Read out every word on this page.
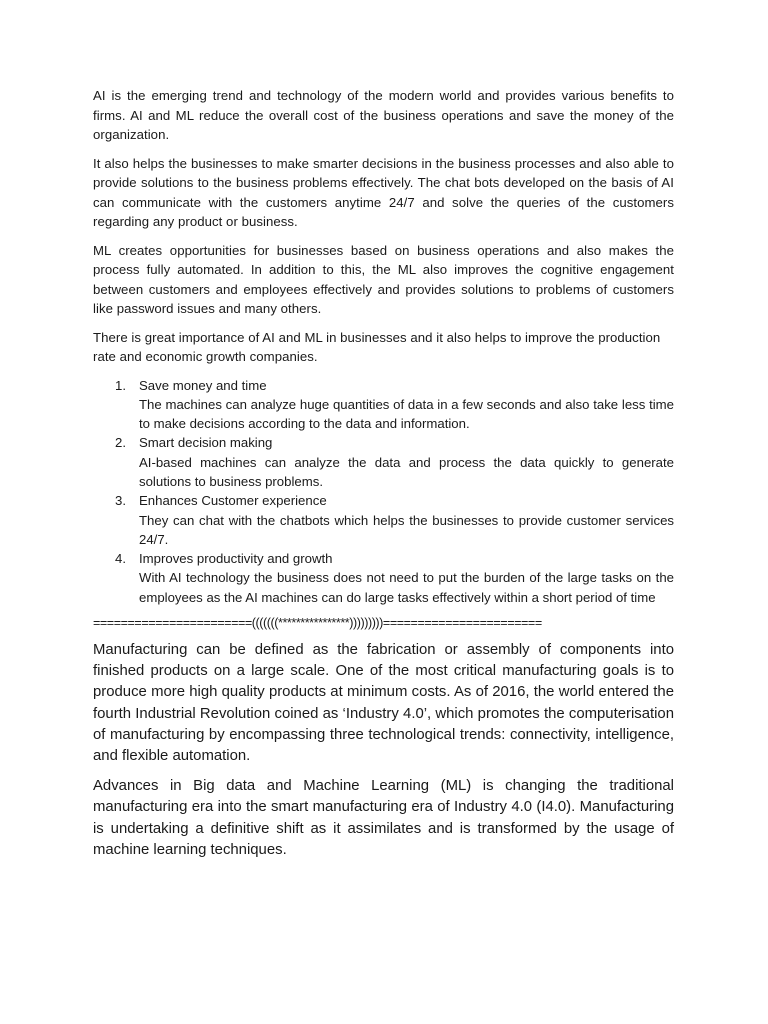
AI is the emerging trend and technology of the modern world and provides various benefits to firms. AI and ML reduce the overall cost of the business operations and save the money of the organization.

It also helps the businesses to make smarter decisions in the business processes and also able to provide solutions to the business problems effectively. The chat bots developed on the basis of AI can communicate with the customers anytime 24/7 and solve the queries of the customers regarding any product or business.

ML creates opportunities for businesses based on business operations and also makes the process fully automated. In addition to this, the ML also improves the cognitive engagement between customers and employees effectively and provides solutions to problems of customers like password issues and many others.

There is great importance of AI and ML in businesses and it also helps to improve the production rate and economic growth companies.

1. Save money and time
The machines can analyze huge quantities of data in a few seconds and also take less time to make decisions according to the data and information.
2. Smart decision making
AI-based machines can analyze the data and process the data quickly to generate solutions to business problems.
3. Enhances Customer experience
They can chat with the chatbots which helps the businesses to provide customer services 24/7.
4. Improves productivity and growth
With AI technology the business does not need to put the burden of the large tasks on the employees as the AI machines can do large tasks effectively within a short period of time
=======================(((((((****************)))))))))=======================

Manufacturing can be defined as the fabrication or assembly of components into finished products on a large scale. One of the most critical manufacturing goals is to produce more high quality products at minimum costs. As of 2016, the world entered the fourth Industrial Revolution coined as ‘Industry 4.0’, which promotes the computerisation of manufacturing by encompassing three technological trends: connectivity, intelligence, and flexible automation.

Advances in Big data and Machine Learning (ML) is changing the traditional manufacturing era into the smart manufacturing era of Industry 4.0 (I4.0). Manufacturing is undertaking a definitive shift as it assimilates and is transformed by the usage of machine learning techniques.
